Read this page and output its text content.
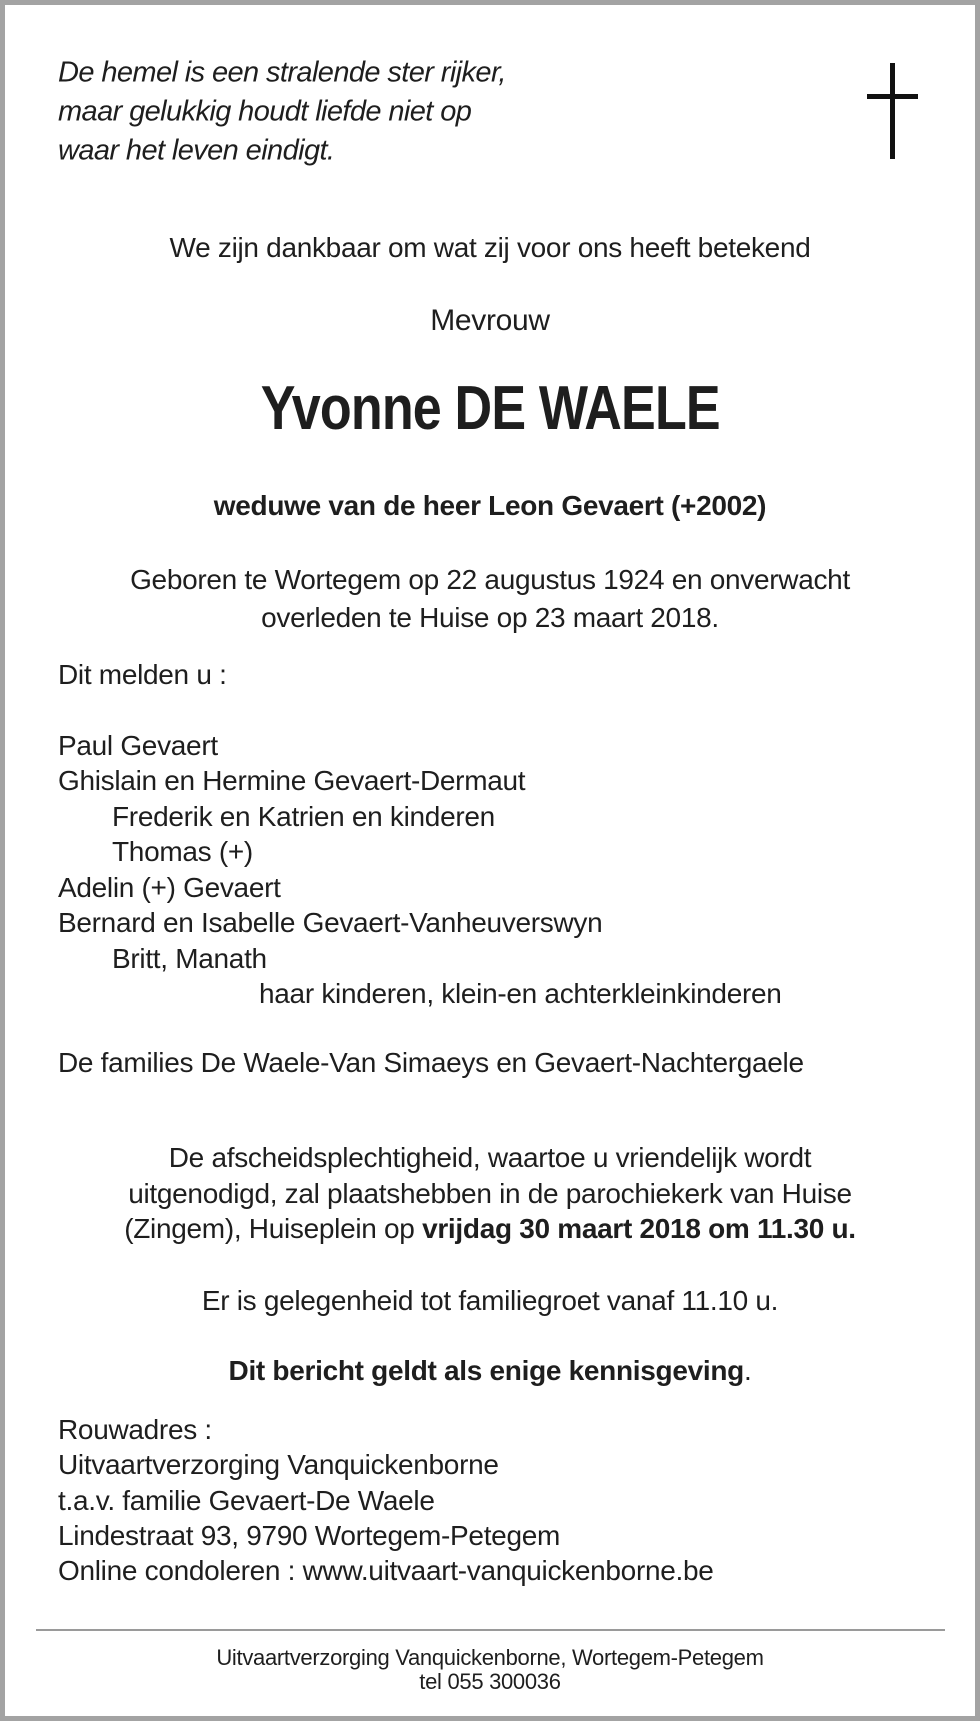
De hemel is een stralende ster rijker,
maar gelukkig houdt liefde niet op
waar het leven eindigt.
We zijn dankbaar om wat zij voor ons heeft betekend
Mevrouw
Yvonne DE WAELE
weduwe van de heer Leon Gevaert (+2002)
Geboren te Wortegem op 22 augustus 1924 en onverwacht
overleden te Huise op 23 maart 2018.
Dit melden u :
Paul Gevaert
Ghislain en Hermine Gevaert-Dermaut
Frederik en Katrien en kinderen
Thomas (+)
Adelin (+) Gevaert
Bernard en Isabelle Gevaert-Vanheuverswyn
Britt, Manath
haar kinderen, klein-en achterkleinkinderen
De families De Waele-Van Simaeys en Gevaert-Nachtergaele
De afscheidsplechtigheid, waartoe u vriendelijk wordt
uitgenodigd, zal plaatshebben in de parochiekerk van Huise
(Zingem), Huiseplein op vrijdag 30 maart 2018 om 11.30 u.
Er is gelegenheid tot familiegroet vanaf 11.10 u.
Dit bericht geldt als enige kennisgeving.
Rouwadres :
Uitvaartverzorging Vanquickenborne
t.a.v. familie Gevaert-De Waele
Lindestraat 93, 9790 Wortegem-Petegem
Online condoleren : www.uitvaart-vanquickenborne.be
Uitvaartverzorging Vanquickenborne, Wortegem-Petegem
tel 055 300036
